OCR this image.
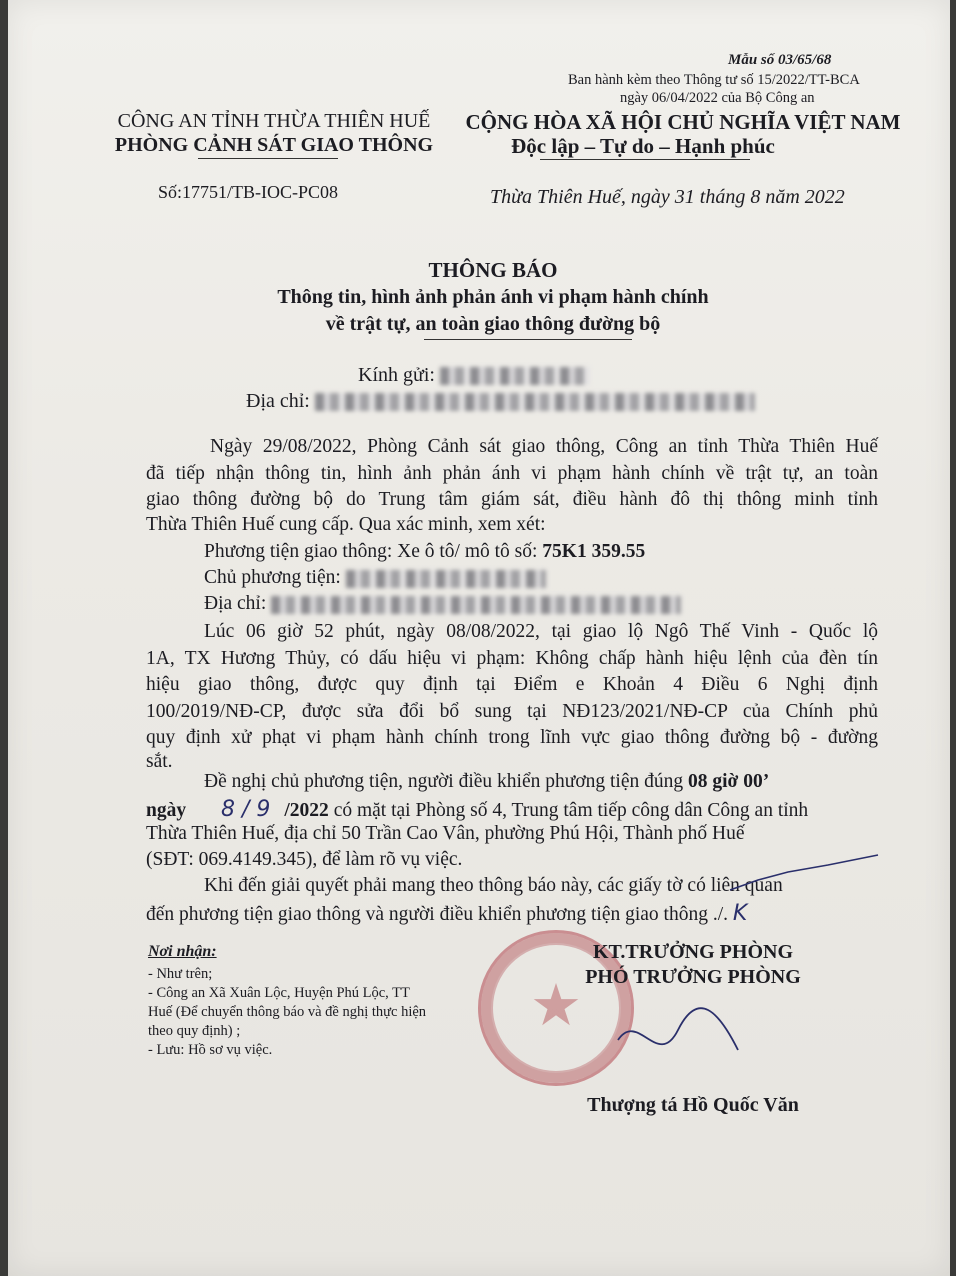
Mẫu số 03/65/68
Ban hành kèm theo Thông tư số 15/2022/TT-BCA
ngày 06/04/2022 của Bộ Công an
CÔNG AN TỈNH THỪA THIÊN HUẾ
PHÒNG CẢNH SÁT GIAO THÔNG
Số:17751/TB-IOC-PC08
CỘNG HÒA XÃ HỘI CHỦ NGHĨA VIỆT NAM
Độc lập – Tự do – Hạnh phúc
Thừa Thiên Huế, ngày 31 tháng 8 năm 2022
THÔNG BÁO
Thông tin, hình ảnh phản ánh vi phạm hành chính
về trật tự, an toàn giao thông đường bộ
Kính gửi:
Địa chỉ:
Ngày 29/08/2022, Phòng Cảnh sát giao thông, Công an tỉnh Thừa Thiên Huế
đã tiếp nhận thông tin, hình ảnh phản ánh vi phạm hành chính về trật tự, an toàn
giao thông đường bộ do Trung tâm giám sát, điều hành đô thị thông minh tỉnh
Thừa Thiên Huế cung cấp. Qua xác minh, xem xét:
Phương tiện giao thông: Xe ô tô/ mô tô số: 75K1 359.55
Chủ phương tiện:
Địa chỉ:
Lúc 06 giờ 52 phút, ngày 08/08/2022, tại giao lộ Ngô Thế Vinh - Quốc lộ
1A, TX Hương Thủy, có dấu hiệu vi phạm: Không chấp hành hiệu lệnh của đèn tín
hiệu giao thông, được quy định tại Điểm e Khoản 4 Điều 6 Nghị định
100/2019/NĐ-CP, được sửa đổi bổ sung tại NĐ123/2021/NĐ-CP của Chính phủ
quy định xử phạt vi phạm hành chính trong lĩnh vực giao thông đường bộ - đường
sắt.
Đề nghị chủ phương tiện, người điều khiển phương tiện đúng 08 giờ 00’
ngày 8 / 9 /2022 có mặt tại Phòng số 4, Trung tâm tiếp công dân Công an tỉnh
Thừa Thiên Huế, địa chỉ 50 Trần Cao Vân, phường Phú Hội, Thành phố Huế
(SĐT: 069.4149.345), để làm rõ vụ việc.
Khi đến giải quyết phải mang theo thông báo này, các giấy tờ có liên quan
đến phương tiện giao thông và người điều khiển phương tiện giao thông ./. K
Nơi nhận:
- Như trên;
- Công an Xã Xuân Lộc, Huyện Phú Lộc, TT
Huế (Để chuyển thông báo và đề nghị thực hiện
theo quy định) ;
- Lưu: Hồ sơ vụ việc.
★
KT.TRƯỞNG PHÒNG
PHÓ TRƯỞNG PHÒNG
Thượng tá Hồ Quốc Văn
